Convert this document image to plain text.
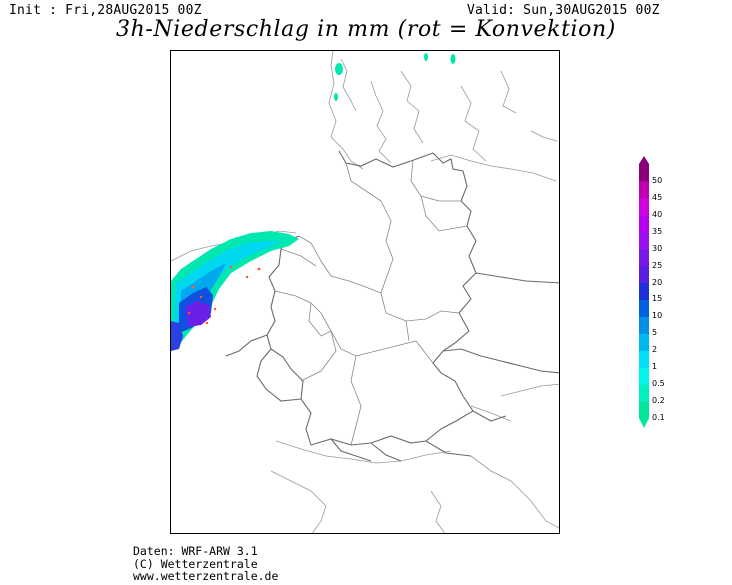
Init : Fri,28AUG2015 00Z	Valid: Sun,30AUG2015 00Z
3h-Niederschlag in mm (rot = Konvektion)
0.1
0.2
0.5
1
2
5
10
15
20
25
30
35
40
45
50
Daten: WRF-ARW 3.1
(C) Wetterzentrale
www.wetterzentrale.de
